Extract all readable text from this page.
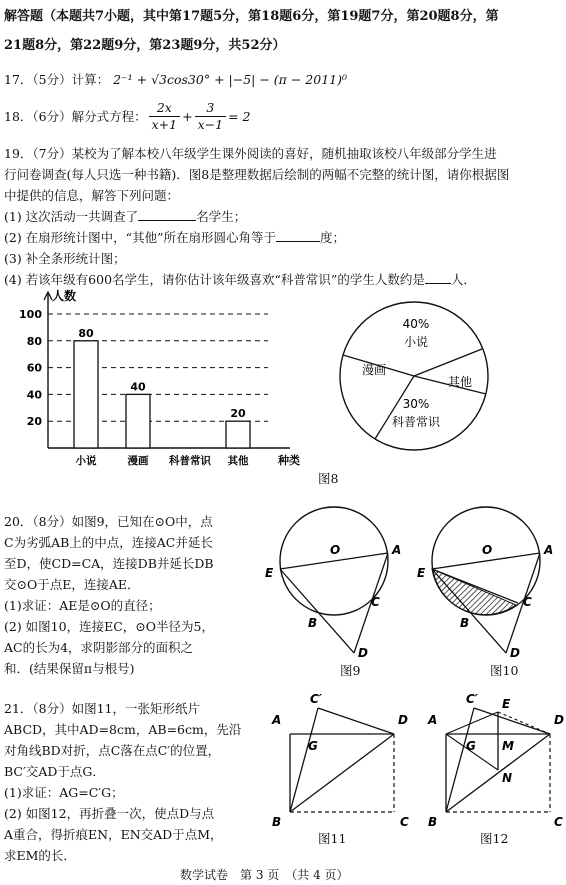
解答题（本题共7小题，其中第17题5分，第18题6分，第19题7分，第20题8分，第
21题8分，第22题9分，第23题9分，共52分）
17．（5分）计算： 2⁻¹ + √3cos30° + |−5| − (π − 2011)⁰
18．（6分）解分式方程： $\frac{2x}{x+1} + \frac{3}{x-1} = 2$
19．（7分）某校为了解本校八年级学生课外阅读的喜好，随机抽取该校八年级部分学生进
行问卷调查(每人只选一种书籍)．图8是整理数据后绘制的两幅不完整的统计图，请你根据图
中提供的信息，解答下列问题：
(1) 这次活动一共调查了	名学生；
(2) 在扇形统计图中，“其他”所在扇形圆心角等于	度；
(3) 补全条形统计图；
(4) 若该年级有600名学生，请你估计该年级喜欢“科普常识”的学生人数约是 人．
人数
种类
20
40
60
80
100
80
小说
40
漫画 科普常识
20
其他
40%
小说
漫画
其他
30%
科普常识
图8
20．（8分）如图9，已知在⊙O中，点
C为劣弧AB上的中点，连接AC并延长
至D，使CD=CA，连接DB并延长DB
交⊙O于点E，连接AE．
(1)求证：AE是⊙O的直径；
(2) 如图10，连接EC，⊙O半径为5，
AC的长为4，求阴影部分的面积之
和．(结果保留π与根号)
O	A
E
C
B
D
图9
O	A
E
C
B
D
图10
21．（8分）如图11，一张矩形纸片
ABCD，其中AD=8cm，AB=6cm，先沿
对角线BD对折，点C落在点C′的位置，
BC′交AD于点G．
(1)求证：AG=C′G；
(2) 如图12，再折叠一次，使点D与点
A重合，得折痕EN，EN交AD于点M，
求EM的长．
C′
A	D
G
B	C
图11
C′ E
A	D
G M
N
B	C
图12
数学试卷　第 3 页　（共 4 页）
